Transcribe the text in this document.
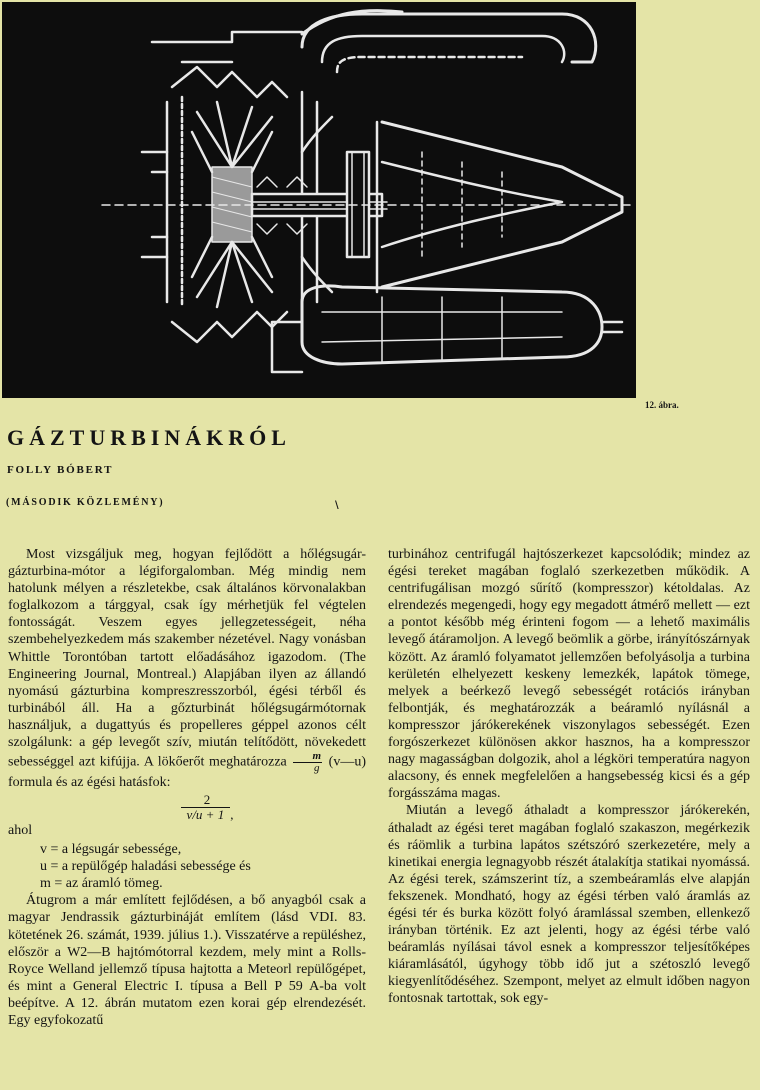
12. ábra.
GÁZTURBINÁKRÓL
FOLLY BÓBERT
(MÁSODIK KÖZLEMÉNY)	\

Most vizsgáljuk meg, hogyan fejlődött a hőlégsugár-gázturbina-mótor a légiforgalomban. Még mindig nem hatolunk mélyen a részletekbe, csak általános körvonalakban foglalkozom a tárggyal, csak így mérhetjük fel végtelen fontosságát. Veszem egyes jellegzetességeit, néha szembehelyezkedem más szakember nézetével. Nagy vonásban Whittle Torontóban tartott előadásához igazodom. (The Engineering Journal, Montreal.) Alapjában ilyen az állandó nyomású gázturbina kompreszresszorból, égési térből és turbinából áll. Ha a gőzturbinát hőlégsugármótornak használjuk, a dugattyús és propelleres géppel azonos célt szolgálunk: a gép levegőt szív, miután telítődött, növekedett sebességgel azt kifújja. A lökőerőt meghatározza $\frac{m}{g}$ (v—u) formula és az égési hatásfok:

2
v/u + 1 ,

ahol

v = a légsugár sebessége,
u = a repülőgép haladási sebessége és
m = az áramló tömeg.

Átugrom a már említett fejlődésen, a bő anyagból csak a magyar Jendrassik gázturbináját említem (lásd VDI. 83. kötetének 26. számát, 1939. július 1.). Visszatérve a repüléshez, először a W2—B hajtómótorral kezdem, mely mint a Rolls-Royce Welland jellemző típusa hajtotta a Meteorl repülőgépet, és mint a General Electric I. típusa a Bell P 59 A-ba volt beépítve. A 12. ábrán mutatom ezen korai gép elrendezését. Egy egyfokozatű

turbinához centrifugál hajtószerkezet kapcsolódik; mindez az égési tereket magában foglaló szerkezetben működik. A centrifugálisan mozgó sűrítő (kompresszor) kétoldalas. Az elrendezés megengedi, hogy egy megadott átmérő mellett — ezt a pontot később még érinteni fogom — a lehető maximális levegő átáramoljon. A levegő beömlik a görbe, irányítószárnyak között. Az áramló folyamatot jellemzően befolyásolja a turbina kerületén elhelyezett keskeny lemezkék, lapátok tömege, melyek a beérkező levegő sebességét rotációs irányban felbontják, és meghatározzák a beáramló nyílásnál a kompresszor járókerekének viszonylagos sebességét. Ezen forgószerkezet különösen akkor hasznos, ha a kompresszor nagy magasságban dolgozik, ahol a légköri temperatúra nagyon alacsony, és ennek megfelelően a hangsebesség kicsi és a gép forgásszáma magas.

Miután a levegő áthaladt a kompresszor járókerekén, áthaladt az égési teret magában foglaló szakaszon, megérkezik és ráömlik a turbina lapátos szétszóró szerkezetére, mely a kinetikai energia legnagyobb részét átalakítja statikai nyomássá. Az égési terek, számszerint tíz, a szembeáramlás elve alapján fekszenek. Mondható, hogy az égési térben való áramlás az égési tér és burka között folyó áramlással szemben, ellenkező irányban történik. Ez azt jelenti, hogy az égési térbe való beáramlás nyílásai távol esnek a kompresszor teljesítőképes kiáramlásától, úgyhogy több idő jut a szétoszló levegő kiegyenlítődéséhez. Szempont, melyet az elmult időben nagyon fontosnak tartottak, sok egy-
